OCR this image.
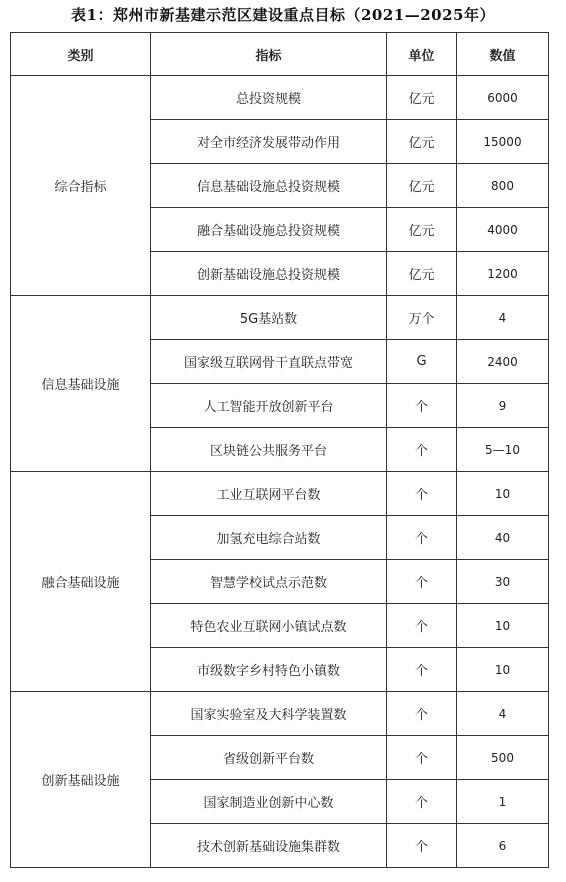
表1：郑州市新基建示范区建设重点目标（2021—2025年）
类别	指标	单位	数值
综合指标	总投资规模	亿元	6000
	对全市经济发展带动作用	亿元	15000
	信息基础设施总投资规模	亿元	800
	融合基础设施总投资规模	亿元	4000
	创新基础设施总投资规模	亿元	1200
信息基础设施	5G基站数	万个	4
	国家级互联网骨干直联点带宽	G	2400
	人工智能开放创新平台	个	9
	区块链公共服务平台	个	5—10
融合基础设施	工业互联网平台数	个	10
	加氢充电综合站数	个	40
	智慧学校试点示范数	个	30
	特色农业互联网小镇试点数	个	10
	市级数字乡村特色小镇数	个	10
创新基础设施	国家实验室及大科学装置数	个	4
	省级创新平台数	个	500
	国家制造业创新中心数	个	1
	技术创新基础设施集群数	个	6
